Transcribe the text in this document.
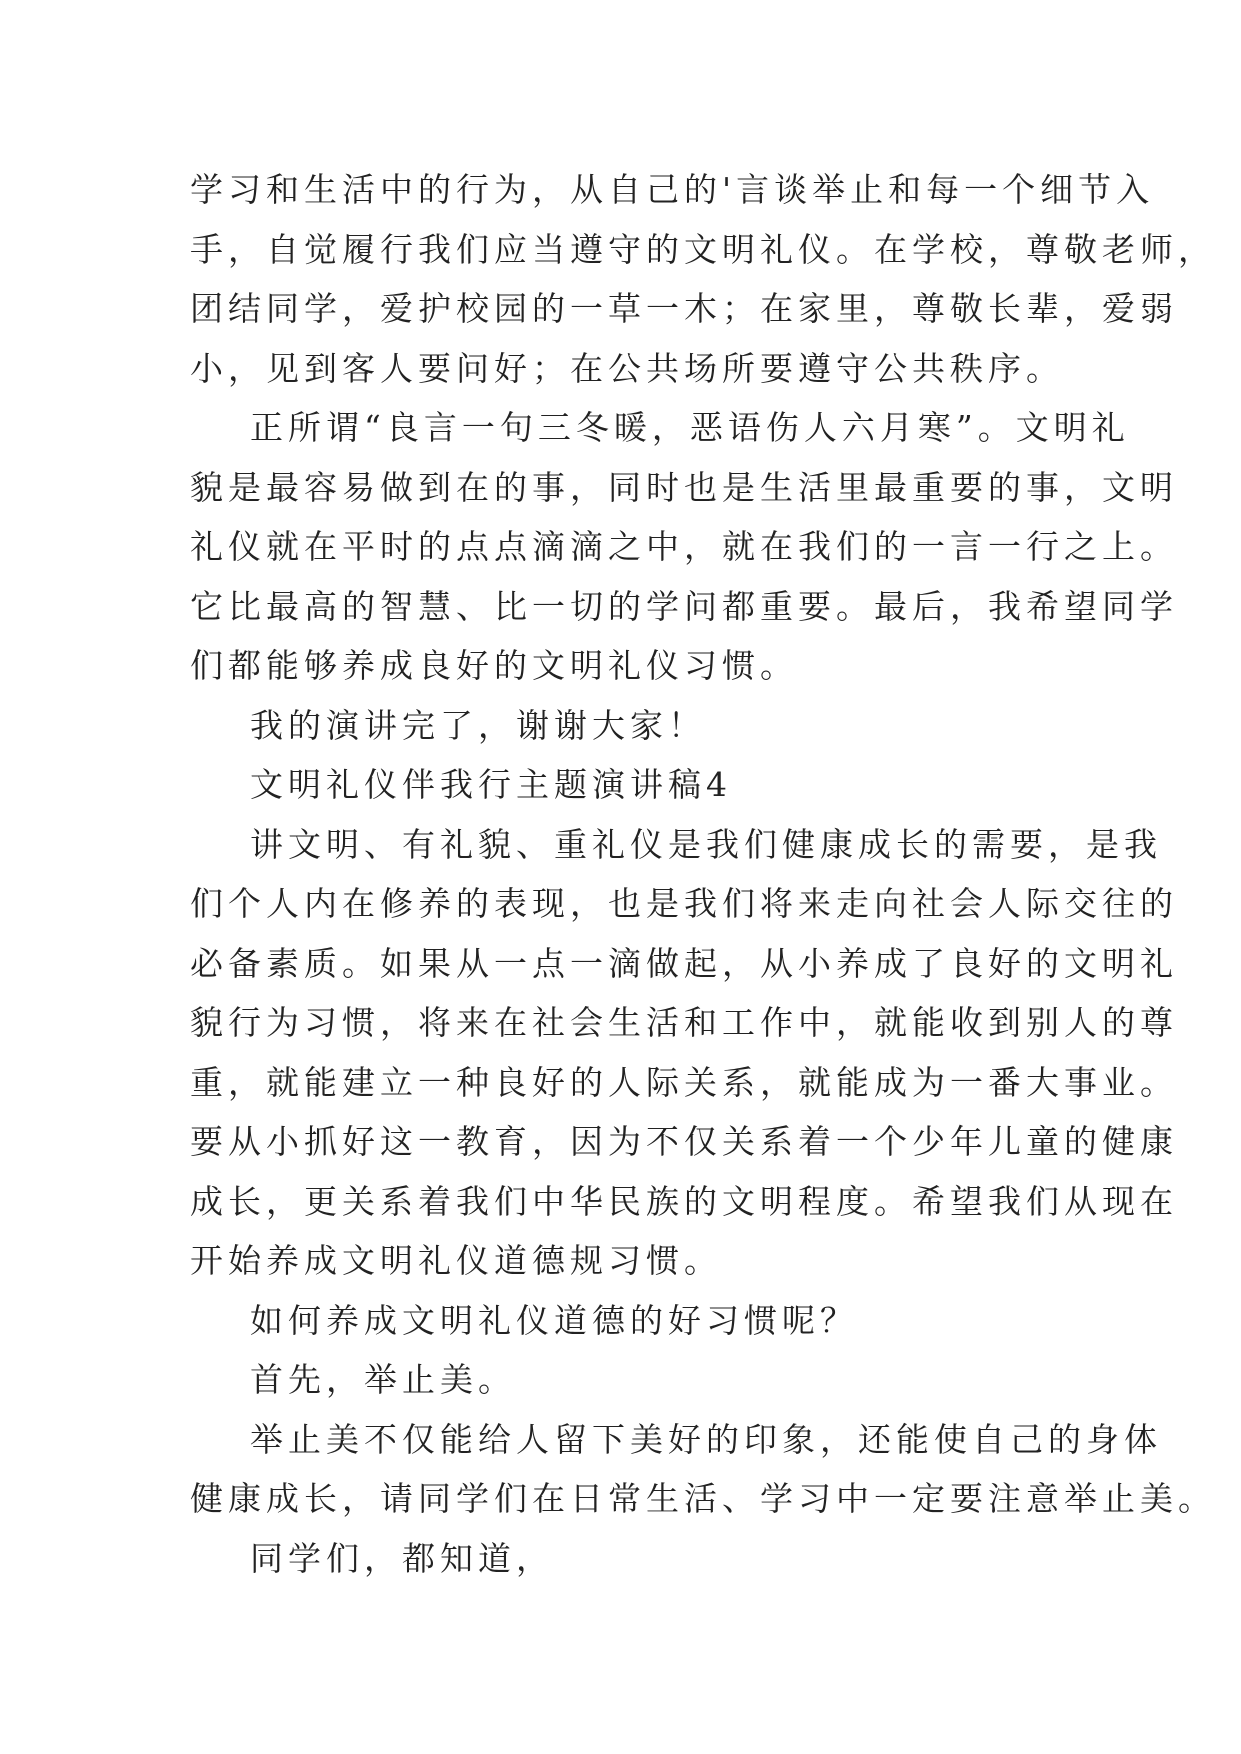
学习和生活中的行为，从自己的'言谈举止和每一个细节入
手，自觉履行我们应当遵守的文明礼仪。在学校，尊敬老师，
团结同学，爱护校园的一草一木；在家里，尊敬长辈，爱弱
小，见到客人要问好；在公共场所要遵守公共秩序。

正所谓“良言一句三冬暖，恶语伤人六月寒”。文明礼
貌是最容易做到在的事，同时也是生活里最重要的事，文明
礼仪就在平时的点点滴滴之中，就在我们的一言一行之上。
它比最高的智慧、比一切的学问都重要。最后，我希望同学
们都能够养成良好的文明礼仪习惯。

我的演讲完了，谢谢大家！

文明礼仪伴我行主题演讲稿4

讲文明、有礼貌、重礼仪是我们健康成长的需要，是我
们个人内在修养的表现，也是我们将来走向社会人际交往的
必备素质。如果从一点一滴做起，从小养成了良好的文明礼
貌行为习惯，将来在社会生活和工作中，就能收到别人的尊
重，就能建立一种良好的人际关系，就能成为一番大事业。
要从小抓好这一教育，因为不仅关系着一个少年儿童的健康
成长，更关系着我们中华民族的文明程度。希望我们从现在
开始养成文明礼仪道德规习惯。

如何养成文明礼仪道德的好习惯呢？

首先，举止美。

举止美不仅能给人留下美好的印象，还能使自己的身体
健康成长，请同学们在日常生活、学习中一定要注意举止美。

同学们，都知道，
